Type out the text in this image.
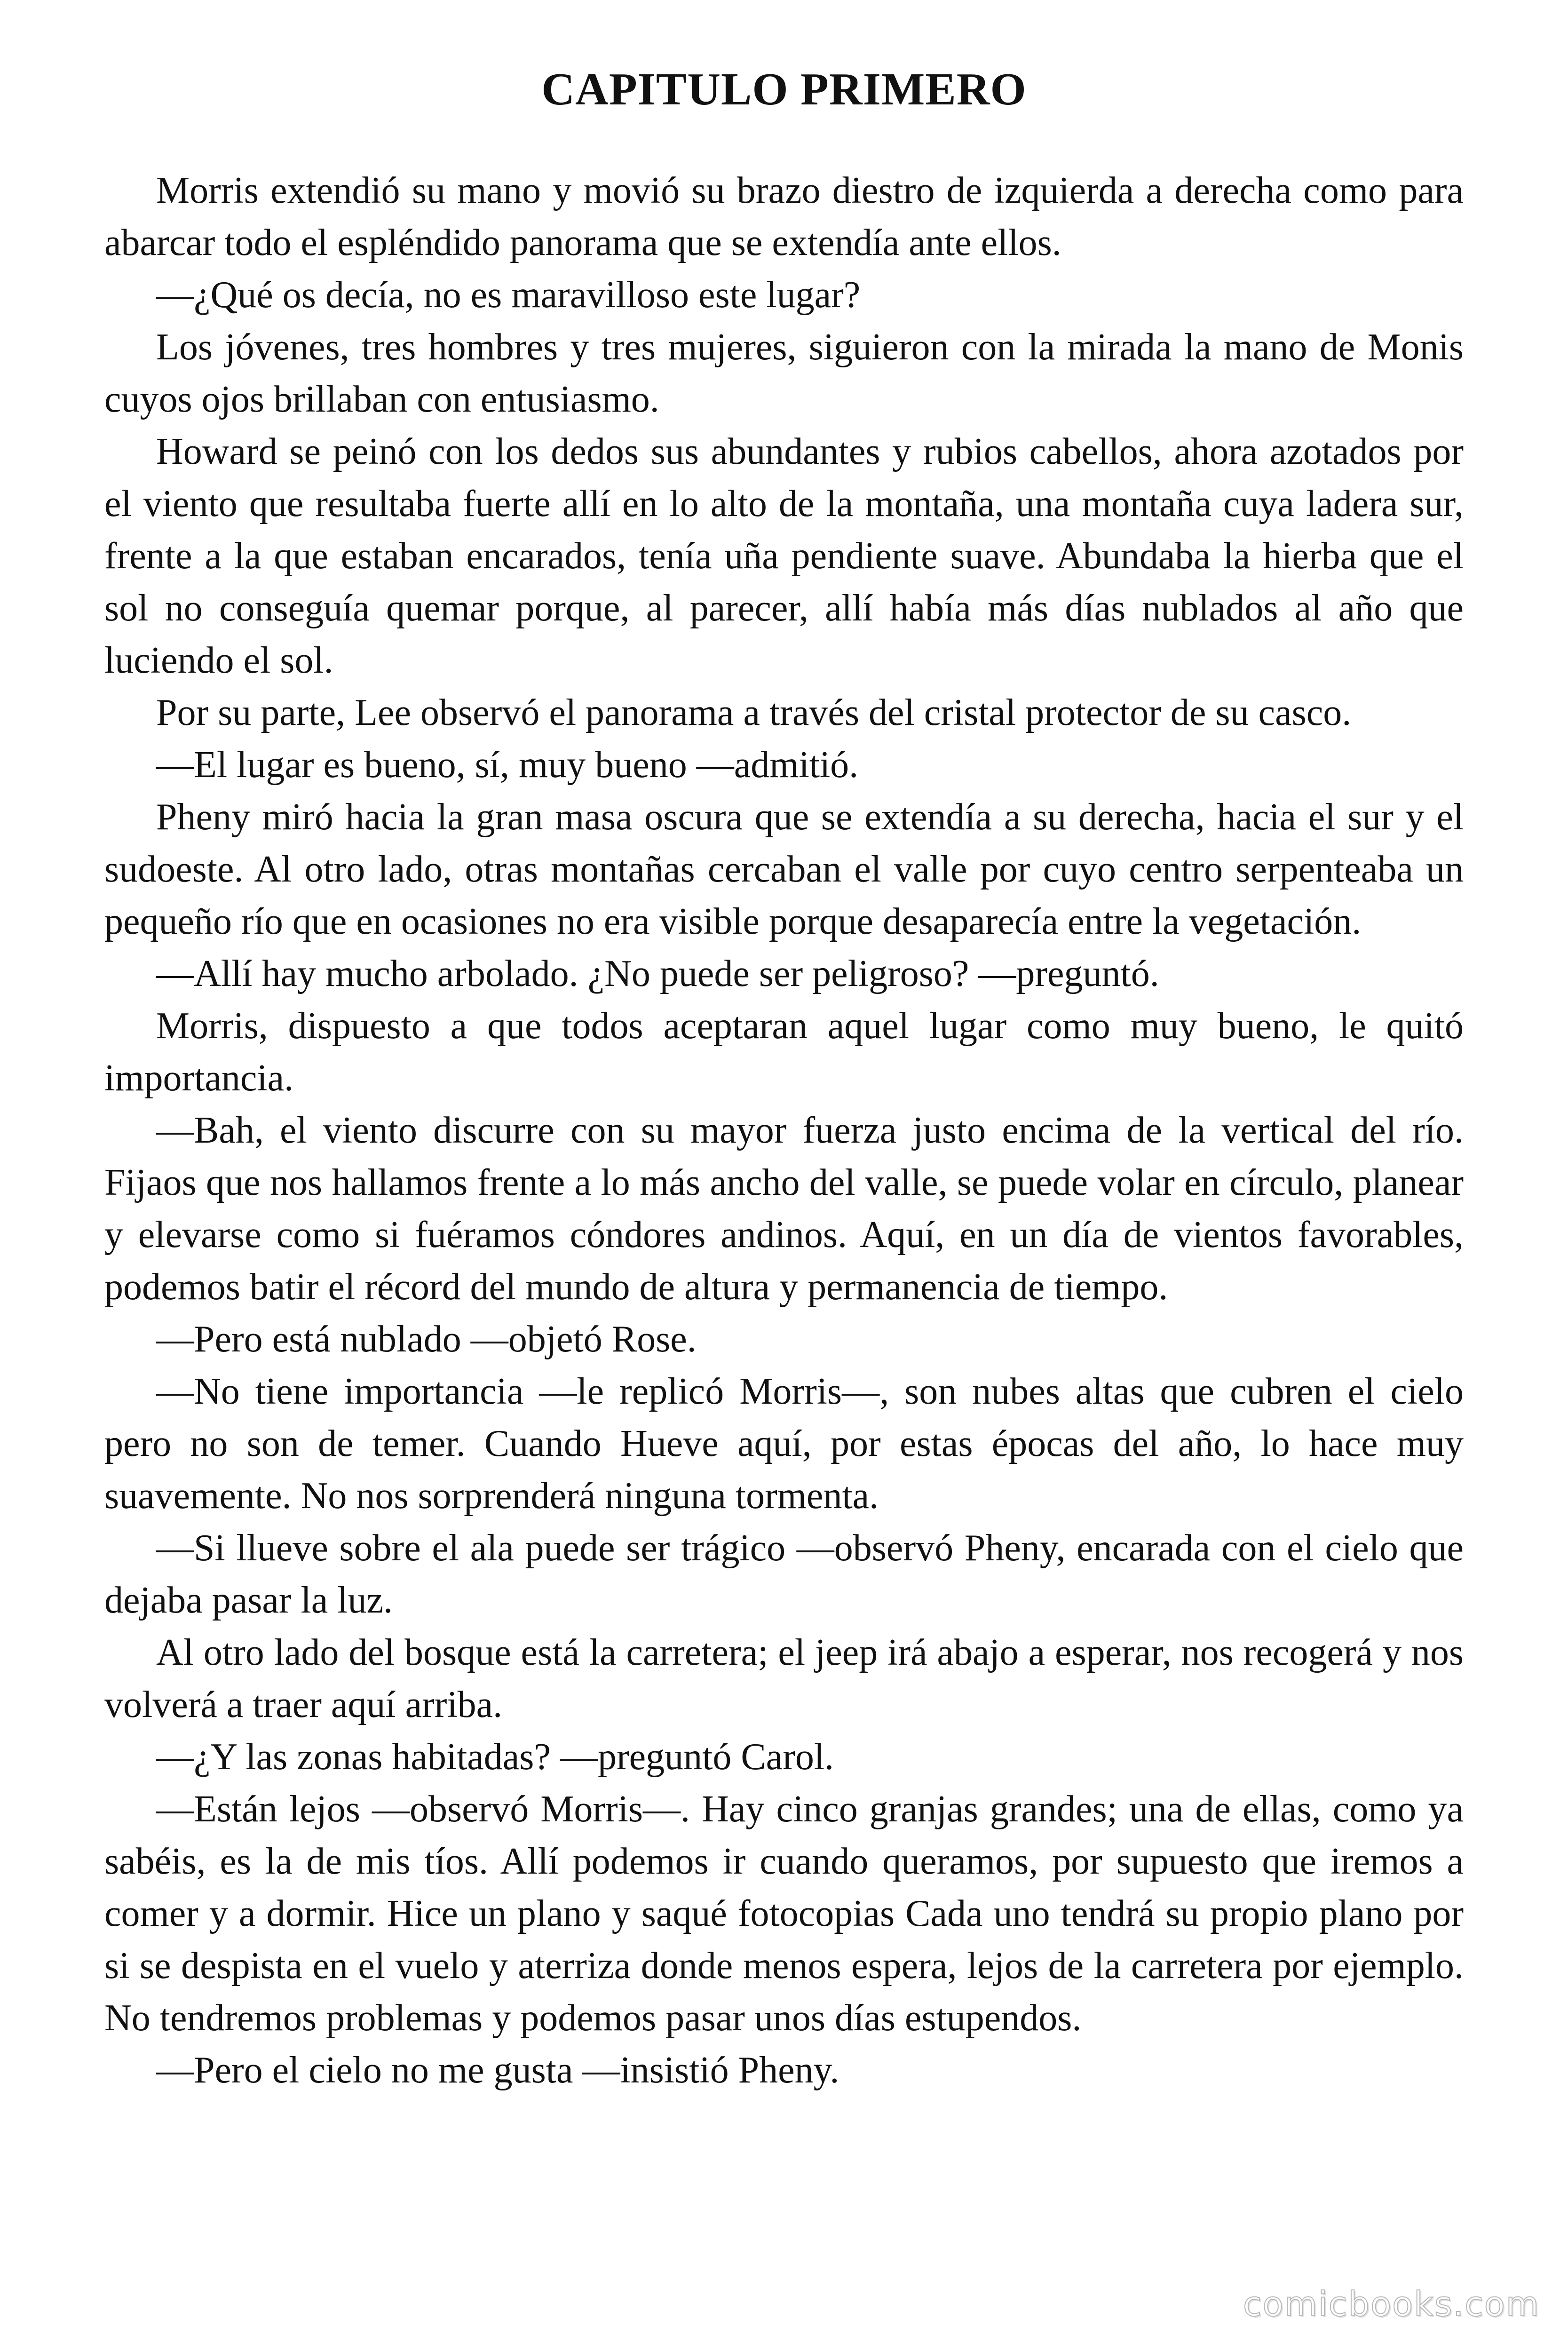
CAPITULO PRIMERO

Morris extendió su mano y movió su brazo diestro de izquierda a derecha como para abarcar todo el espléndido panorama que se extendía ante ellos.

—¿Qué os decía, no es maravilloso este lugar?

Los jóvenes, tres hombres y tres mujeres, siguieron con la mirada la mano de Monis cuyos ojos brillaban con entusiasmo.

Howard se peinó con los dedos sus abundantes y rubios cabellos, ahora azotados por el viento que resultaba fuerte allí en lo alto de la montaña, una montaña cuya ladera sur, frente a la que estaban encarados, tenía uña pendiente suave. Abundaba la hierba que el sol no conseguía quemar porque, al parecer, allí había más días nublados al año que luciendo el sol.

Por su parte, Lee observó el panorama a través del cristal protector de su casco.

—El lugar es bueno, sí, muy bueno —admitió.

Pheny miró hacia la gran masa oscura que se extendía a su derecha, hacia el sur y el sudoeste. Al otro lado, otras montañas cercaban el valle por cuyo centro serpenteaba un pequeño río que en ocasiones no era visible porque desaparecía entre la vegetación.

—Allí hay mucho arbolado. ¿No puede ser peligroso? —preguntó.

Morris, dispuesto a que todos aceptaran aquel lugar como muy bueno, le quitó importancia.

—Bah, el viento discurre con su mayor fuerza justo encima de la vertical del río. Fijaos que nos hallamos frente a lo más ancho del valle, se puede volar en círculo, planear y elevarse como si fuéramos cóndores andinos. Aquí, en un día de vientos favorables, podemos batir el récord del mundo de altura y permanencia de tiempo.

—Pero está nublado —objetó Rose.

—No tiene importancia —le replicó Morris—, son nubes altas que cubren el cielo pero no son de temer. Cuando Hueve aquí, por estas épocas del año, lo hace muy suavemente. No nos sorprenderá ninguna tormenta.

—Si llueve sobre el ala puede ser trágico —observó Pheny, encarada con el cielo que dejaba pasar la luz.

Al otro lado del bosque está la carretera; el jeep irá abajo a esperar, nos recogerá y nos volverá a traer aquí arriba.

—¿Y las zonas habitadas? —preguntó Carol.

—Están lejos —observó Morris—. Hay cinco granjas grandes; una de ellas, como ya sabéis, es la de mis tíos. Allí podemos ir cuando queramos, por supuesto que iremos a comer y a dormir. Hice un plano y saqué fotocopias Cada uno tendrá su propio plano por si se despista en el vuelo y aterriza donde menos espera, lejos de la carretera por ejemplo. No tendremos problemas y podemos pasar unos días estupendos.

—Pero el cielo no me gusta —insistió Pheny.

comicbooks.com
